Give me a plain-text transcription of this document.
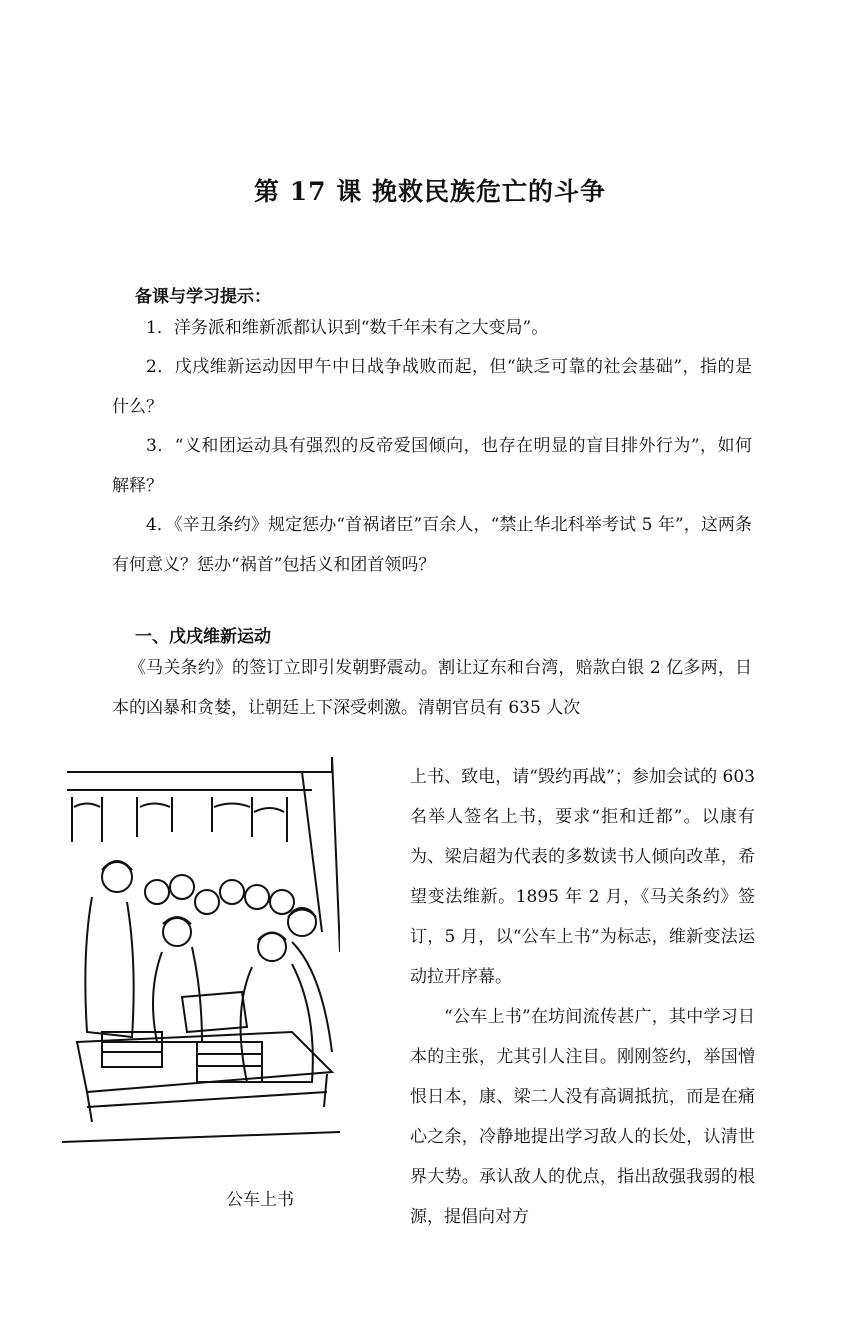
第 17 课 挽救民族危亡的斗争
备课与学习提示：

1．洋务派和维新派都认识到“数千年未有之大变局”。

2．戊戌维新运动因甲午中日战争战败而起，但“缺乏可靠的社会基础”，指的是什么？

3．“义和团运动具有强烈的反帝爱国倾向，也存在明显的盲目排外行为”，如何解释？

4．《辛丑条约》规定惩办“首祸诸臣”百余人，“禁止华北科举考试 5 年”，这两条有何意义？惩办“祸首”包括义和团首领吗？

一、戊戌维新运动

《马关条约》的签订立即引发朝野震动。割让辽东和台湾，赔款白银 2 亿多两，日本的凶暴和贪婪，让朝廷上下深受刺激。清朝官员有 635 人次

公车上书

上书、致电，请“毁约再战”；参加会试的 603 名举人签名上书，要求“拒和迁都”。以康有为、梁启超为代表的多数读书人倾向改革，希望变法维新。1895 年 2 月，《马关条约》签订，5 月，以“公车上书”为标志，维新变法运动拉开序幕。

“公车上书”在坊间流传甚广，其中学习日本的主张，尤其引人注目。刚刚签约，举国憎恨日本，康、梁二人没有高调抵抗，而是在痛心之余，冷静地提出学习敌人的长处，认清世界大势。承认敌人的优点，指出敌强我弱的根源，提倡向对方
